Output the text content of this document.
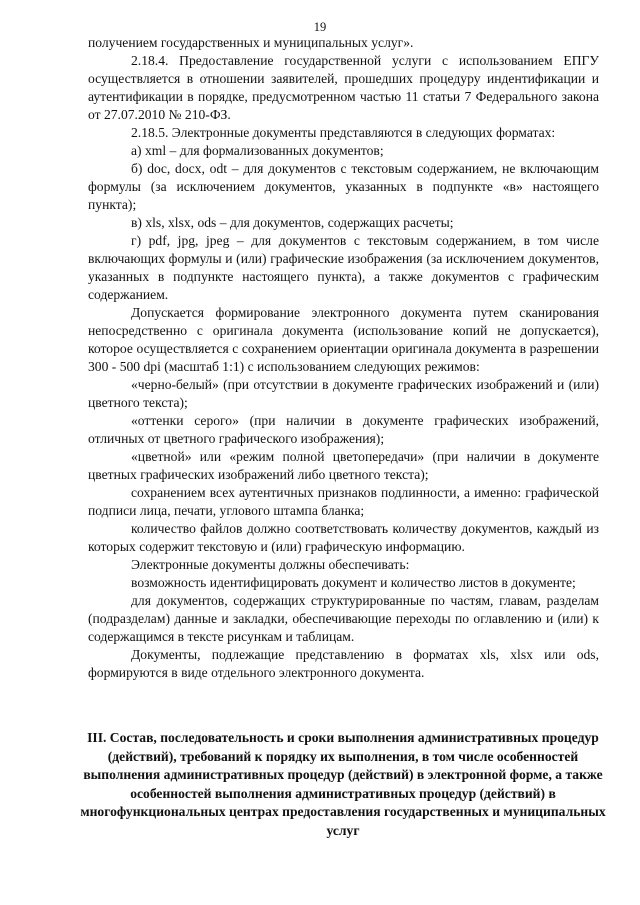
19

получением государственных и муниципальных услуг».

2.18.4. Предоставление государственной услуги с использованием ЕПГУ осуществляется в отношении заявителей, прошедших процедуру индентификации и аутентификации в порядке, предусмотренном частью 11 статьи 7 Федерального закона от 27.07.2010 № 210-ФЗ.

2.18.5. Электронные документы представляются в следующих форматах:

а) xml – для формализованных документов;

б) doc, docx, odt – для документов с текстовым содержанием, не включающим формулы (за исключением документов, указанных в подпункте «в» настоящего пункта);

в) xls, xlsx, ods – для документов, содержащих расчеты;

г) pdf, jpg, jpeg – для документов с текстовым содержанием, в том числе включающих формулы и (или) графические изображения (за исключением документов, указанных в подпункте настоящего пункта), а также документов с графическим содержанием.

Допускается формирование электронного документа путем сканирования непосредственно с оригинала документа (использование копий не допускается), которое осуществляется с сохранением ориентации оригинала документа в разрешении 300 - 500 dpi (масштаб 1:1) с использованием следующих режимов:

«черно-белый» (при отсутствии в документе графических изображений и (или) цветного текста);

«оттенки серого» (при наличии в документе графических изображений, отличных от цветного графического изображения);

«цветной» или «режим полной цветопередачи» (при наличии в документе цветных графических изображений либо цветного текста);

сохранением всех аутентичных признаков подлинности, а именно: графической подписи лица, печати, углового штампа бланка;

количество файлов должно соответствовать количеству документов, каждый из которых содержит текстовую и (или) графическую информацию.

Электронные документы должны обеспечивать:

возможность идентифицировать документ и количество листов в документе;

для документов, содержащих структурированные по частям, главам, разделам (подразделам) данные и закладки, обеспечивающие переходы по оглавлению и (или) к содержащимся в тексте рисункам и таблицам.

Документы, подлежащие представлению в форматах xls, xlsx или ods, формируются в виде отдельного электронного документа.

III. Состав, последовательность и сроки выполнения административных процедур (действий), требований к порядку их выполнения, в том числе особенностей выполнения административных процедур (действий) в электронной форме, а также особенностей выполнения административных процедур (действий) в многофункциональных центрах предоставления государственных и муниципальных услуг
